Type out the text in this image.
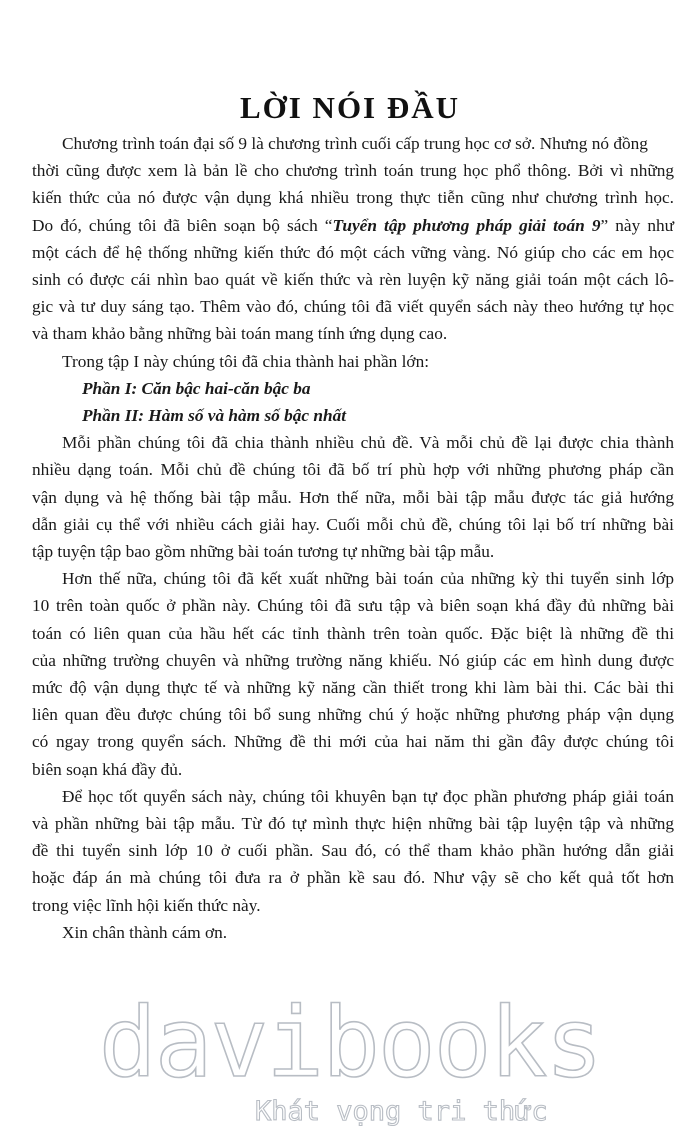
LỜI NÓI ĐẦU
Chương trình toán đại số 9 là chương trình cuối cấp trung học cơ sở. Nhưng nó đồng
thời cũng được xem là bản lề cho chương trình toán trung học phổ thông. Bởi vì những
kiến thức của nó được vận dụng khá nhiều trong thực tiễn cũng như chương trình học.
Do đó, chúng tôi đã biên soạn bộ sách “Tuyển tập phương pháp giải toán 9” này như
một cách để hệ thống những kiến thức đó một cách vững vàng. Nó giúp cho các em học
sinh có được cái nhìn bao quát về kiến thức và rèn luyện kỹ năng giải toán một cách lô-
gic và tư duy sáng tạo. Thêm vào đó, chúng tôi đã viết quyển sách này theo hướng tự học
và tham khảo bằng những bài toán mang tính ứng dụng cao.
Trong tập I này chúng tôi đã chia thành hai phần lớn:
Phần I: Căn bậc hai-căn bậc ba
Phần II: Hàm số và hàm số bậc nhất
Mỗi phần chúng tôi đã chia thành nhiều chủ đề. Và mỗi chủ đề lại được chia thành
nhiều dạng toán. Mỗi chủ đề chúng tôi đã bố trí phù hợp với những phương pháp cần
vận dụng và hệ thống bài tập mẫu. Hơn thế nữa, mỗi bài tập mẫu được tác giả hướng
dẫn giải cụ thể với nhiều cách giải hay. Cuối mỗi chủ đề, chúng tôi lại bố trí những bài
tập tuyện tập bao gồm những bài toán tương tự những bài tập mẫu.
Hơn thế nữa, chúng tôi đã kết xuất những bài toán của những kỳ thi tuyển sinh lớp
10 trên toàn quốc ở phần này. Chúng tôi đã sưu tập và biên soạn khá đầy đủ những bài
toán có liên quan của hầu hết các tỉnh thành trên toàn quốc. Đặc biệt là những đề thi
của những trường chuyên và những trường năng khiếu. Nó giúp các em hình dung được
mức độ vận dụng thực tế và những kỹ năng cần thiết trong khi làm bài thi. Các bài thi
liên quan đều được chúng tôi bổ sung những chú ý hoặc những phương pháp vận dụng
có ngay trong quyển sách. Những đề thi mới của hai năm thi gần đây được chúng tôi
biên soạn khá đầy đủ.
Để học tốt quyển sách này, chúng tôi khuyên bạn tự đọc phần phương pháp giải toán
và phần những bài tập mẫu. Từ đó tự mình thực hiện những bài tập luyện tập và những
đề thi tuyển sinh lớp 10 ở cuối phần. Sau đó, có thể tham khảo phần hướng dẫn giải
hoặc đáp án mà chúng tôi đưa ra ở phần kề sau đó. Như vậy sẽ cho kết quả tốt hơn
trong việc lĩnh hội kiến thức này.
Xin chân thành cám ơn.
davibooks
Khát vọng tri thức
